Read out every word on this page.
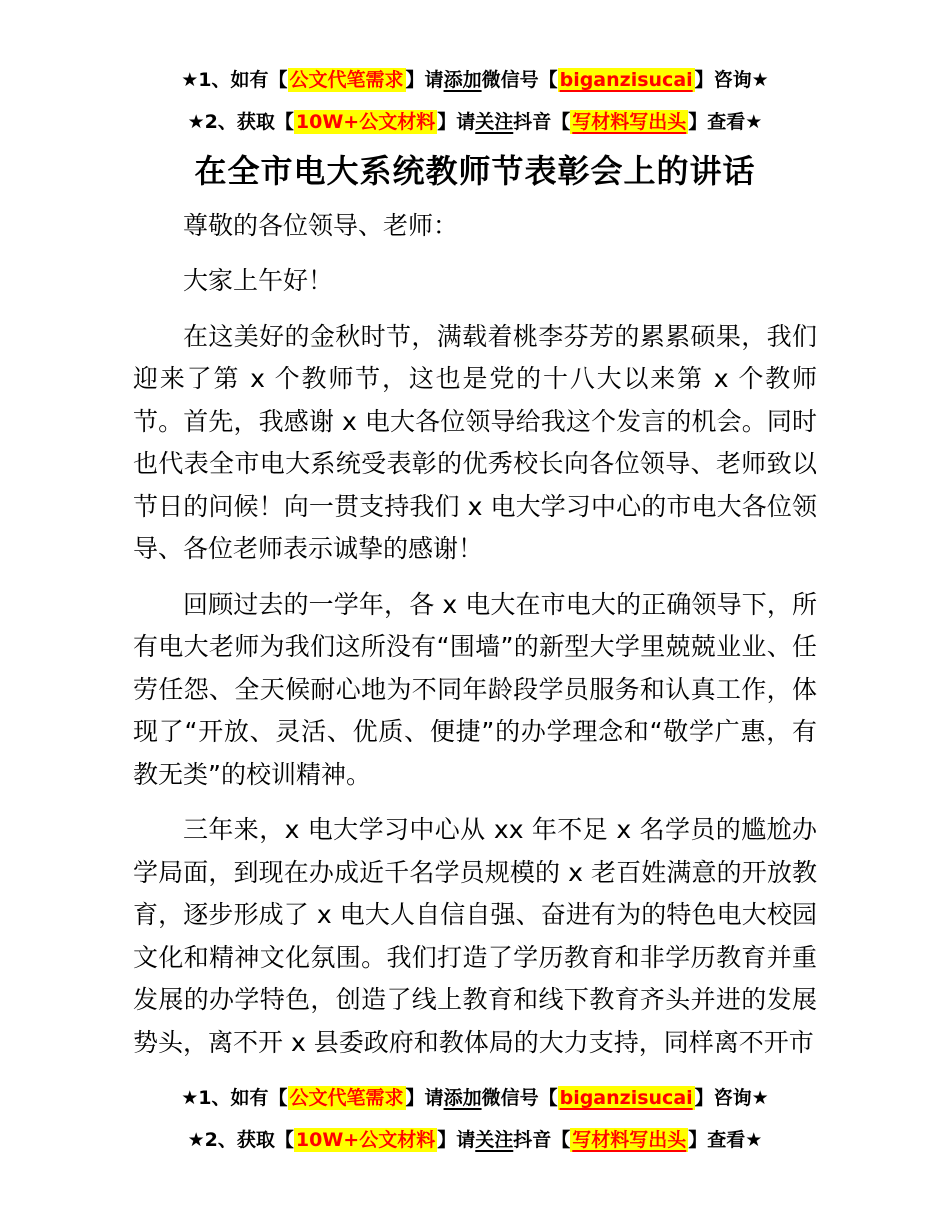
★1、如有【 公文代笔需求 】请添加微信号【 biganzisucai 】咨询★
★2、获取【 10W+公文材料 】请关注抖音【 写材料写出头 】查看★
在全市电大系统教师节表彰会上的讲话

尊敬的各位领导、老师：

大家上午好！

在这美好的金秋时节，满载着桃李芬芳的累累硕果，我们迎来了第 x 个教师节，这也是党的十八大以来第 x 个教师节。首先，我感谢 x 电大各位领导给我这个发言的机会。同时也代表全市电大系统受表彰的优秀校长向各位领导、老师致以节日的问候！向一贯支持我们 x 电大学习中心的市电大各位领导、各位老师表示诚挚的感谢！

回顾过去的一学年，各 x 电大在市电大的正确领导下，所有电大老师为我们这所没有“围墙”的新型大学里兢兢业业、任劳任怨、全天候耐心地为不同年龄段学员服务和认真工作，体现了“开放、灵活、优质、便捷”的办学理念和“敬学广惠，有教无类”的校训精神。

三年来，x 电大学习中心从 xx 年不足 x 名学员的尴尬办学局面，到现在办成近千名学员规模的 x 老百姓满意的开放教育，逐步形成了 x 电大人自信自强、奋进有为的特色电大校园文化和精神文化氛围。我们打造了学历教育和非学历教育并重发展的办学特色，创造了线上教育和线下教育齐头并进的发展势头，离不开 x 县委政府和教体局的大力支持，同样离不开市

★1、如有【 公文代笔需求 】请添加微信号【 biganzisucai 】咨询★
★2、获取【 10W+公文材料 】请关注抖音【 写材料写出头 】查看★
